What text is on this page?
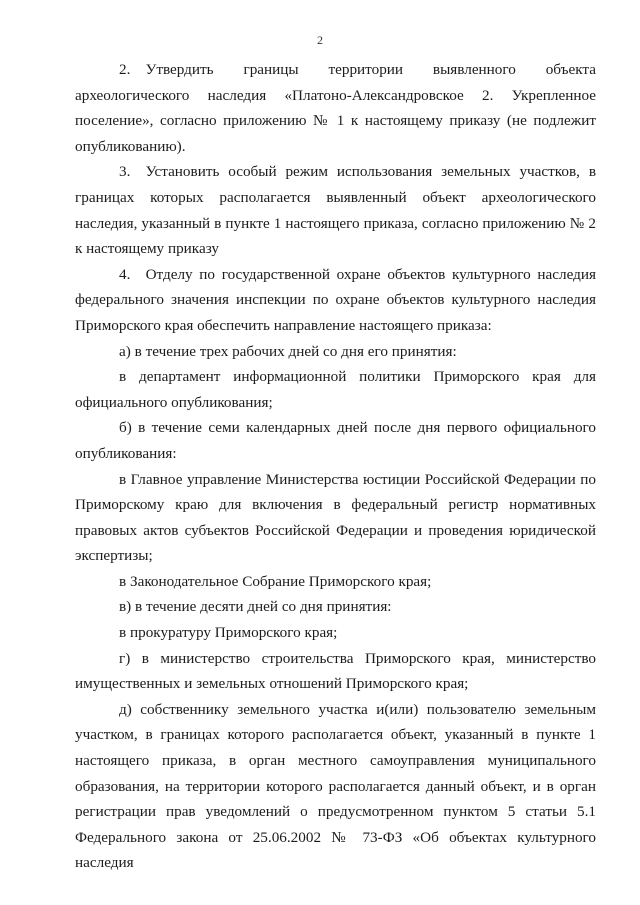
2

2. Утвердить границы территории выявленного объекта археологического наследия «Платоно-Александровское 2. Укрепленное поселение», согласно приложению № 1 к настоящему приказу (не подлежит опубликованию).

3. Установить особый режим использования земельных участков, в границах которых располагается выявленный объект археологического наследия, указанный в пункте 1 настоящего приказа, согласно приложению № 2 к настоящему приказу

4. Отделу по государственной охране объектов культурного наследия федерального значения инспекции по охране объектов культурного наследия Приморского края обеспечить направление настоящего приказа:

а) в течение трех рабочих дней со дня его принятия:

в департамент информационной политики Приморского края для официального опубликования;

б) в течение семи календарных дней после дня первого официального опубликования:

в Главное управление Министерства юстиции Российской Федерации по Приморскому краю для включения в федеральный регистр нормативных правовых актов субъектов Российской Федерации и проведения юридической экспертизы;

в Законодательное Собрание Приморского края;

в) в течение десяти дней со дня принятия:

в прокуратуру Приморского края;

г) в министерство строительства Приморского края, министерство имущественных и земельных отношений Приморского края;

д) собственнику земельного участка и(или) пользователю земельным участком, в границах которого располагается объект, указанный в пункте 1 настоящего приказа, в орган местного самоуправления муниципального образования, на территории которого располагается данный объект, и в орган регистрации прав уведомлений о предусмотренном пунктом 5 статьи 5.1 Федерального закона от 25.06.2002 № 73-ФЗ «Об объектах культурного наследия
